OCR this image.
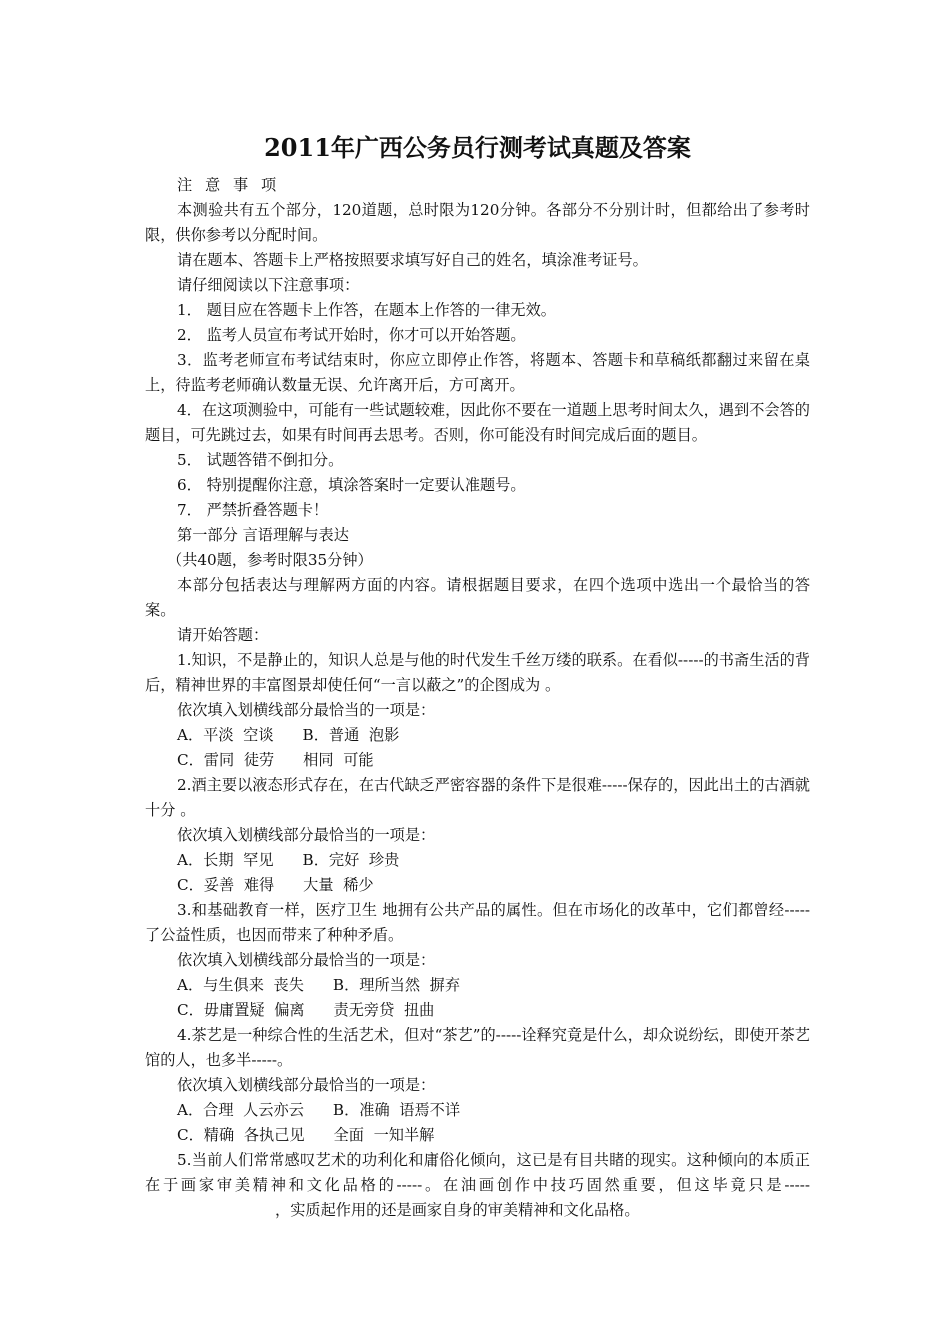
2011年广西公务员行测考试真题及答案

注 意 事 项

本测验共有五个部分，120道题，总时限为120分钟。各部分不分别计时，但都给出了参考时限，供你参考以分配时间。

请在题本、答题卡上严格按照要求填写好自己的姓名，填涂准考证号。

请仔细阅读以下注意事项：

1． 题目应在答题卡上作答，在题本上作答的一律无效。

2． 监考人员宣布考试开始时，你才可以开始答题。

3．监考老师宣布考试结束时，你应立即停止作答，将题本、答题卡和草稿纸都翻过来留在桌上，待监考老师确认数量无误、允许离开后，方可离开。

4．在这项测验中，可能有一些试题较难，因此你不要在一道题上思考时间太久，遇到不会答的题目，可先跳过去，如果有时间再去思考。否则，你可能没有时间完成后面的题目。

5． 试题答错不倒扣分。

6． 特别提醒你注意，填涂答案时一定要认准题号。

7． 严禁折叠答题卡！

第一部分 言语理解与表达

（共40题，参考时限35分钟）

本部分包括表达与理解两方面的内容。请根据题目要求，在四个选项中选出一个最恰当的答案。

请开始答题：

1.知识，不是静止的，知识人总是与他的时代发生千丝万缕的联系。在看似-----的书斋生活的背后，精神世界的丰富图景却使任何“一言以蔽之”的企图成为 。

依次填入划横线部分最恰当的一项是：

A．平淡  空谈      B．普通  泡影

C．雷同  徒劳      相同  可能

2.酒主要以液态形式存在，在古代缺乏严密容器的条件下是很难-----保存的，因此出土的古酒就十分 。

依次填入划横线部分最恰当的一项是：

A．长期  罕见      B．完好  珍贵

C．妥善  难得      大量  稀少

3.和基础教育一样，医疗卫生 地拥有公共产品的属性。但在市场化的改革中，它们都曾经-----了公益性质，也因而带来了种种矛盾。

依次填入划横线部分最恰当的一项是：

A．与生俱来  丧失      B．理所当然  摒弃

C．毋庸置疑  偏离      责无旁贷  扭曲

4.茶艺是一种综合性的生活艺术，但对“茶艺”的-----诠释究竟是什么，却众说纷纭，即使开茶艺馆的人，也多半-----。

依次填入划横线部分最恰当的一项是：

A．合理  人云亦云      B．准确  语焉不详

C．精确  各执己见      全面  一知半解

5.当前人们常常感叹艺术的功利化和庸俗化倾向，这已是有目共睹的现实。这种倾向的本质正在于画家审美精神和文化品格的-----。在油画创作中技巧固然重要，但这毕竟只是-----，实质起作用的还是画家自身的审美精神和文化品格。
